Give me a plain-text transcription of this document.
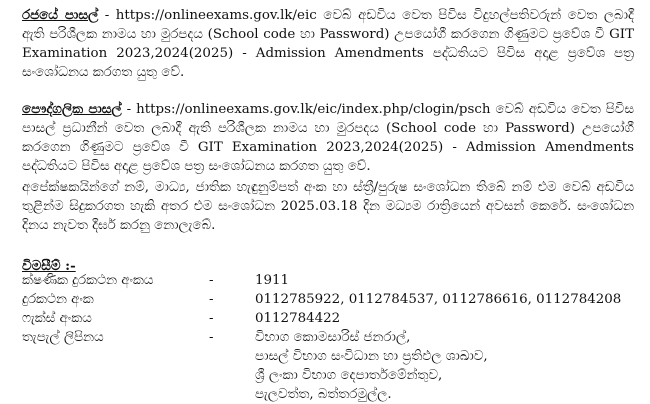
රජයේ පාසල් - https://onlineexams.gov.lk/eic වෙබ් අඩවිය වෙත පිවිස විදුහල්පතිවරුන් වෙත ලබාදී ඇති පරිශීලක නාමය හා මුරපදය (School code හා Password) උපයෝගී කරගෙන ගිණුමට ප්‍රවේශ වී GIT Examination 2023,2024(2025) - Admission Amendments පද්ධතියට පිවිස අදාළ ප්‍රවේශ පත්‍ර සංශෝධනය කරගත යුතු වේ.

පෞද්ගලික පාසල් - https://onlineexams.gov.lk/eic/index.php/clogin/psch වෙබ් අඩවිය වෙත පිවිස පාසල් ප්‍රධානීන් වෙත ලබාදී ඇති පරිශීලක නාමය හා මුරපදය (School code හා Password) උපයෝගී කරගෙන ගිණුමට ප්‍රවේශ වී GIT Examination 2023,2024(2025) - Admission Amendments පද්ධතියට පිවිස අදාළ ප්‍රවේශ පත්‍ර සංශෝධනය කරගත යුතු වේ.

අපේක්ෂකයින්ගේ නම්, මාධ්‍ය, ජාතික හැඳුනුම්පත් අංක හා ස්ත්‍රී/පුරුෂ සංශෝධන තිබේ නම් එම වෙබ් අඩවිය තුළින්ම සිදුකරගත හැකි අතර එම සංශෝධන 2025.03.18 දින මධ්‍යම රාත්‍රියෙන් අවසන් කෙරේ. සංශෝධන දිනය නැවත දීර්ඝ කරනු නොලැබේ.

විමසීම් :-
ක්ෂණික දුරකථන අංකය	-	1911
දුරකථන අංක	-	0112785922, 0112784537, 0112786616, 0112784208
ෆැක්ස් අංකය	-	0112784422
තැපැල් ලිපිනය	-	විභාග කොමසාරිස් ජනරාල්,
පාසල් විභාග සංවිධාන හා ප්‍රතිඵල ශාඛාව,
ශ්‍රී ලංකා විභාග දෙපාර්තමේන්තුව,
පැලවත්ත, බත්තරමුල්ල.
